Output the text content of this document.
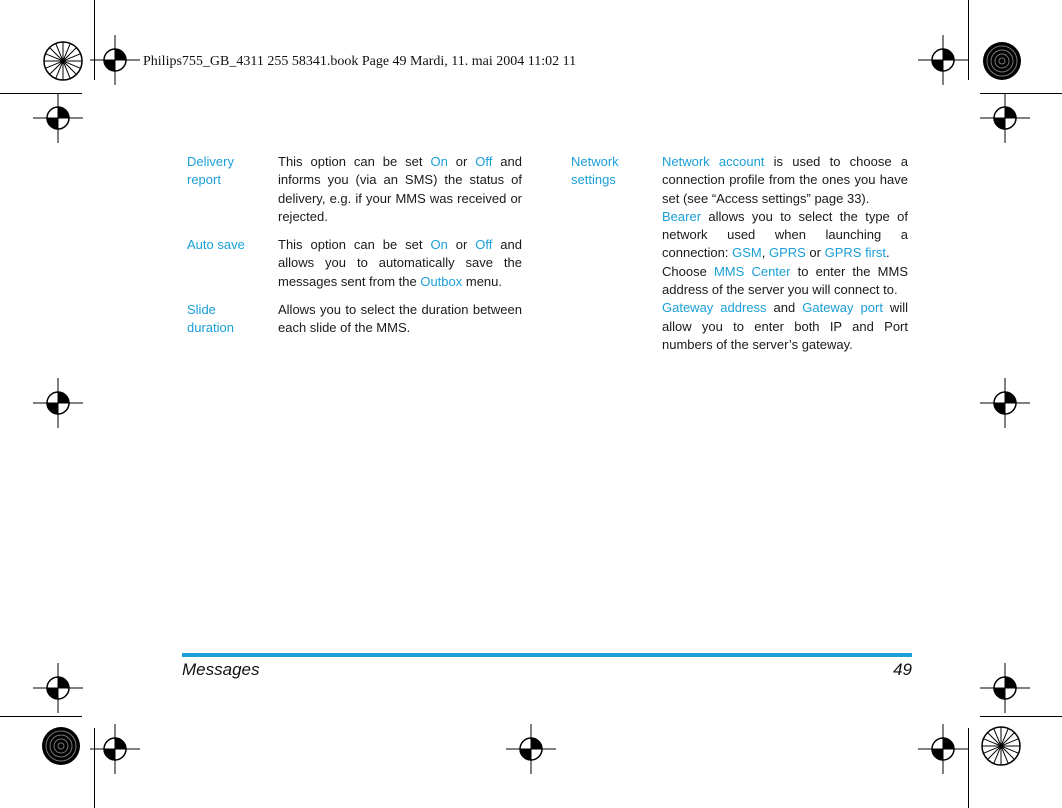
Philips755_GB_4311 255 58341.book Page 49 Mardi, 11. mai 2004 11:02 11
Delivery report
This option can be set On or Off and informs you (via an SMS) the status of delivery, e.g. if your MMS was received or rejected.
Auto save	This option can be set On or Off and allows you to automatically save the messages sent from the Outbox menu.
Slide duration
Allows you to select the duration between each slide of the MMS.
Network settings
Network account is used to choose a connection profile from the ones you have set (see “Access settings” page 33).
Bearer allows you to select the type of network used when launching a connection: GSM, GPRS or GPRS first.
Choose MMS Center to enter the MMS address of the server you will connect to.
Gateway address and Gateway port will allow you to enter both IP and Port numbers of the server’s gateway.
Messages	49
